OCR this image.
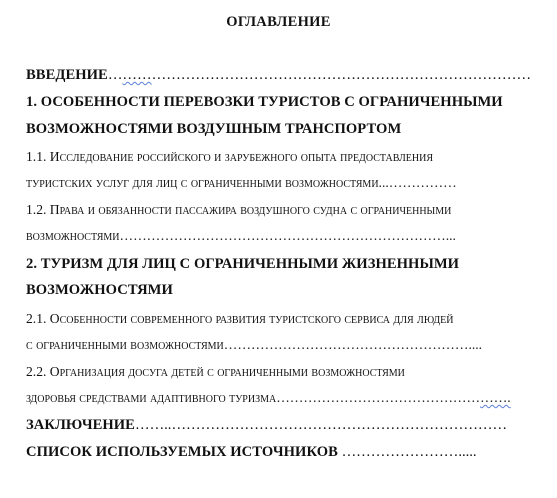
ОГЛАВЛЕНИЕ
ВВЕДЕНИЕ……………………………………………………………………………
1. ОСОБЕННОСТИ ПЕРЕВОЗКИ ТУРИСТОВ С ОГРАНИЧЕННЫМИ
ВОЗМОЖНОСТЯМИ ВОЗДУШНЫМ ТРАНСПОРТОМ
1.1. Исследование российского и зарубежного опыта предоставления
туристских услуг для лиц с ограниченными возможностями...……………
1.2. Права и обязанности пассажира воздушного судна с ограниченными
возможностями………………………………………………………………...
2. ТУРИЗМ ДЛЯ ЛИЦ С ОГРАНИЧЕННЫМИ ЖИЗНЕННЫМИ
ВОЗМОЖНОСТЯМИ
2.1. Особенности современного развития туристского сервиса для людей
с ограниченными возможностями………………………………………………....
2.2. Организация досуга детей с ограниченными возможностями
здоровья средствами адаптивного туризма…………………………………………….
ЗАКЛЮЧЕНИЕ……..……………………………………………………………
СПИСОК ИСПОЛЬЗУЕМЫХ ИСТОЧНИКОВ …………………….....
